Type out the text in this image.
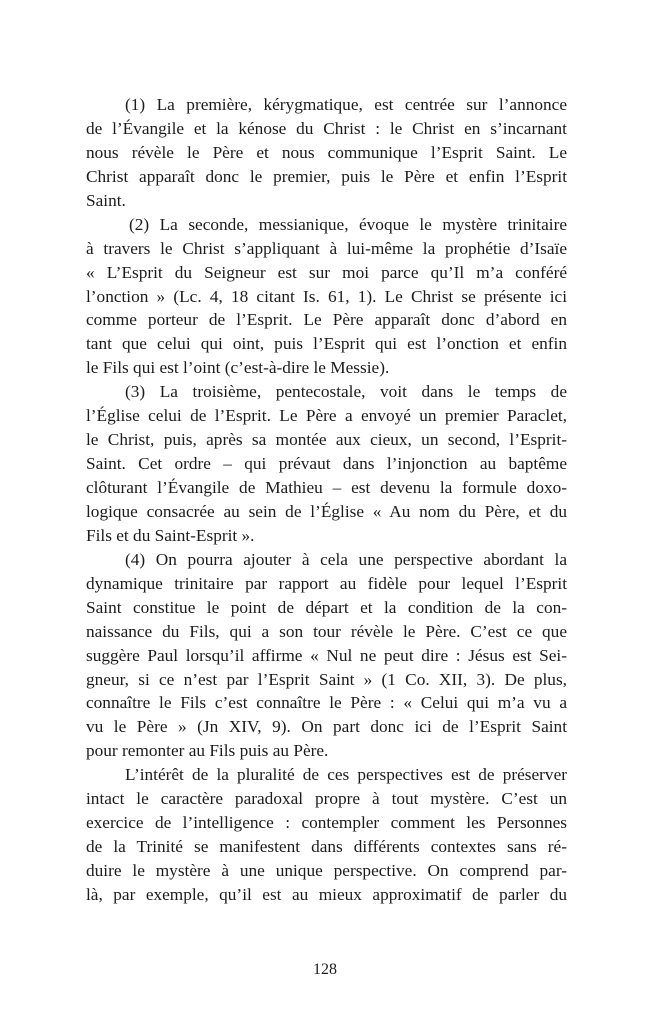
(1) La première, kérygmatique, est centrée sur l’annonce
de l’Évangile et la kénose du Christ : le Christ en s’incarnant
nous révèle le Père et nous communique l’Esprit Saint. Le
Christ apparaît donc le premier, puis le Père et enfin l’Esprit
Saint.
(2) La seconde, messianique, évoque le mystère trinitaire
à travers le Christ s’appliquant à lui-même la prophétie d’Isaïe
« L’Esprit du Seigneur est sur moi parce qu’Il m’a conféré
l’onction » (Lc. 4, 18 citant Is. 61, 1). Le Christ se présente ici
comme porteur de l’Esprit. Le Père apparaît donc d’abord en
tant que celui qui oint, puis l’Esprit qui est l’onction et enfin
le Fils qui est l’oint (c’est-à-dire le Messie).
(3) La troisième, pentecostale, voit dans le temps de
l’Église celui de l’Esprit. Le Père a envoyé un premier Paraclet,
le Christ, puis, après sa montée aux cieux, un second, l’Esprit-
Saint. Cet ordre – qui prévaut dans l’injonction au baptême
clôturant l’Évangile de Mathieu – est devenu la formule doxo-
logique consacrée au sein de l’Église « Au nom du Père, et du
Fils et du Saint-Esprit ».
(4) On pourra ajouter à cela une perspective abordant la
dynamique trinitaire par rapport au fidèle pour lequel l’Esprit
Saint constitue le point de départ et la condition de la con-
naissance du Fils, qui a son tour révèle le Père. C’est ce que
suggère Paul lorsqu’il affirme « Nul ne peut dire : Jésus est Sei-
gneur, si ce n’est par l’Esprit Saint » (1 Co. XII, 3). De plus,
connaître le Fils c’est connaître le Père : « Celui qui m’a vu a
vu le Père » (Jn XIV, 9). On part donc ici de l’Esprit Saint
pour remonter au Fils puis au Père.
L’intérêt de la pluralité de ces perspectives est de préserver
intact le caractère paradoxal propre à tout mystère. C’est un
exercice de l’intelligence : contempler comment les Personnes
de la Trinité se manifestent dans différents contextes sans ré-
duire le mystère à une unique perspective. On comprend par-
là, par exemple, qu’il est au mieux approximatif de parler du
128
